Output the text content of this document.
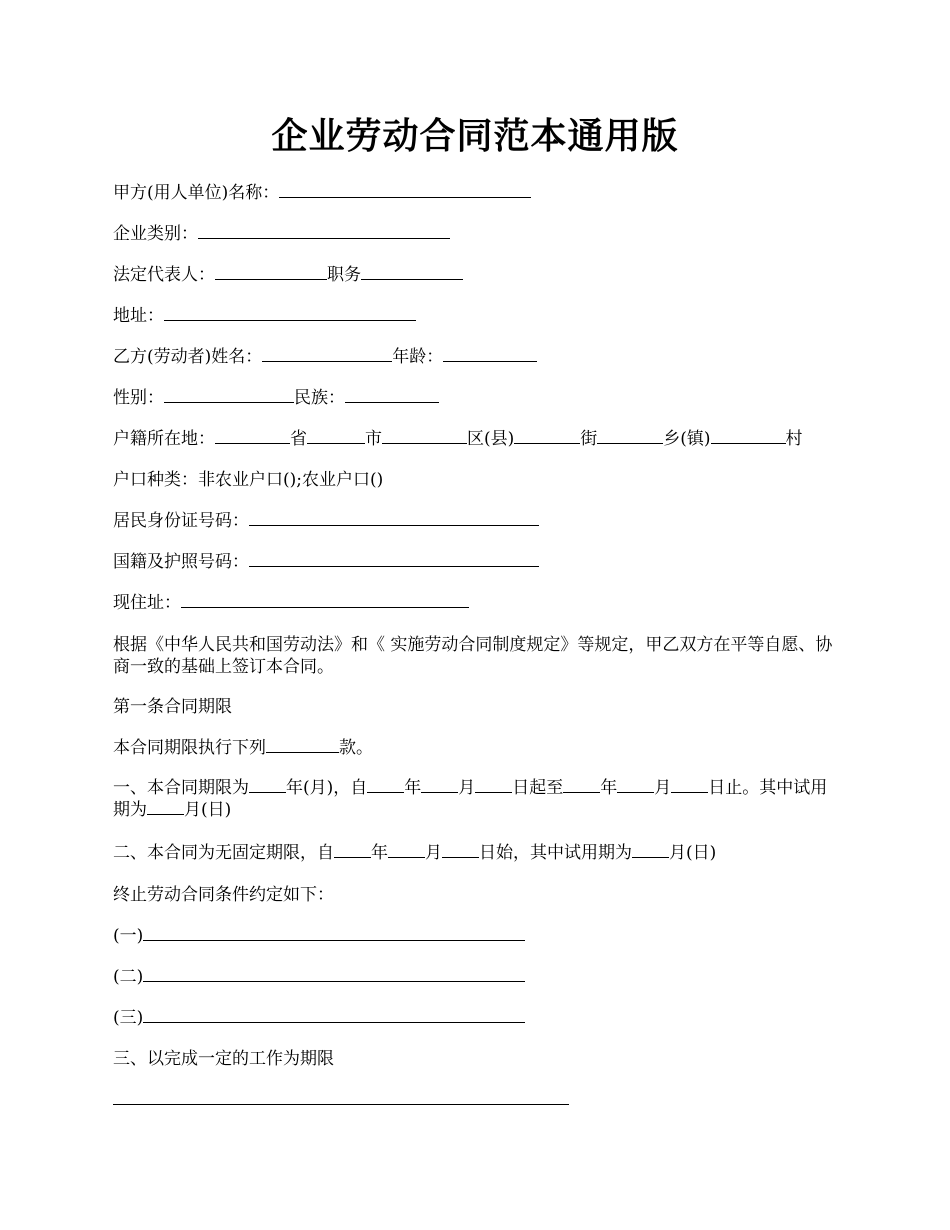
企业劳动合同范本通用版
甲方(用人单位)名称：
企业类别：
法定代表人：	职务
地址：
乙方(劳动者)姓名：	年龄：
性别：	民族：
户籍所在地：	省	市	区(县)	街	乡(镇)	村
户口种类：非农业户口();农业户口()
居民身份证号码：
国籍及护照号码：
现住址：
根据《中华人民共和国劳动法》和《 实施劳动合同制度规定》等规定，甲乙双方在平等自愿、协商一致的基础上签订本合同。
第一条合同期限
本合同期限执行下列	款。
一、本合同期限为 年(月)，自 年 月 日起至 年 月 日止。其中试用期为 月(日)
二、本合同为无固定期限，自 年 月 日始，其中试用期为 月(日)
终止劳动合同条件约定如下：
(一)
(二)
(三)
三、以完成一定的工作为期限
